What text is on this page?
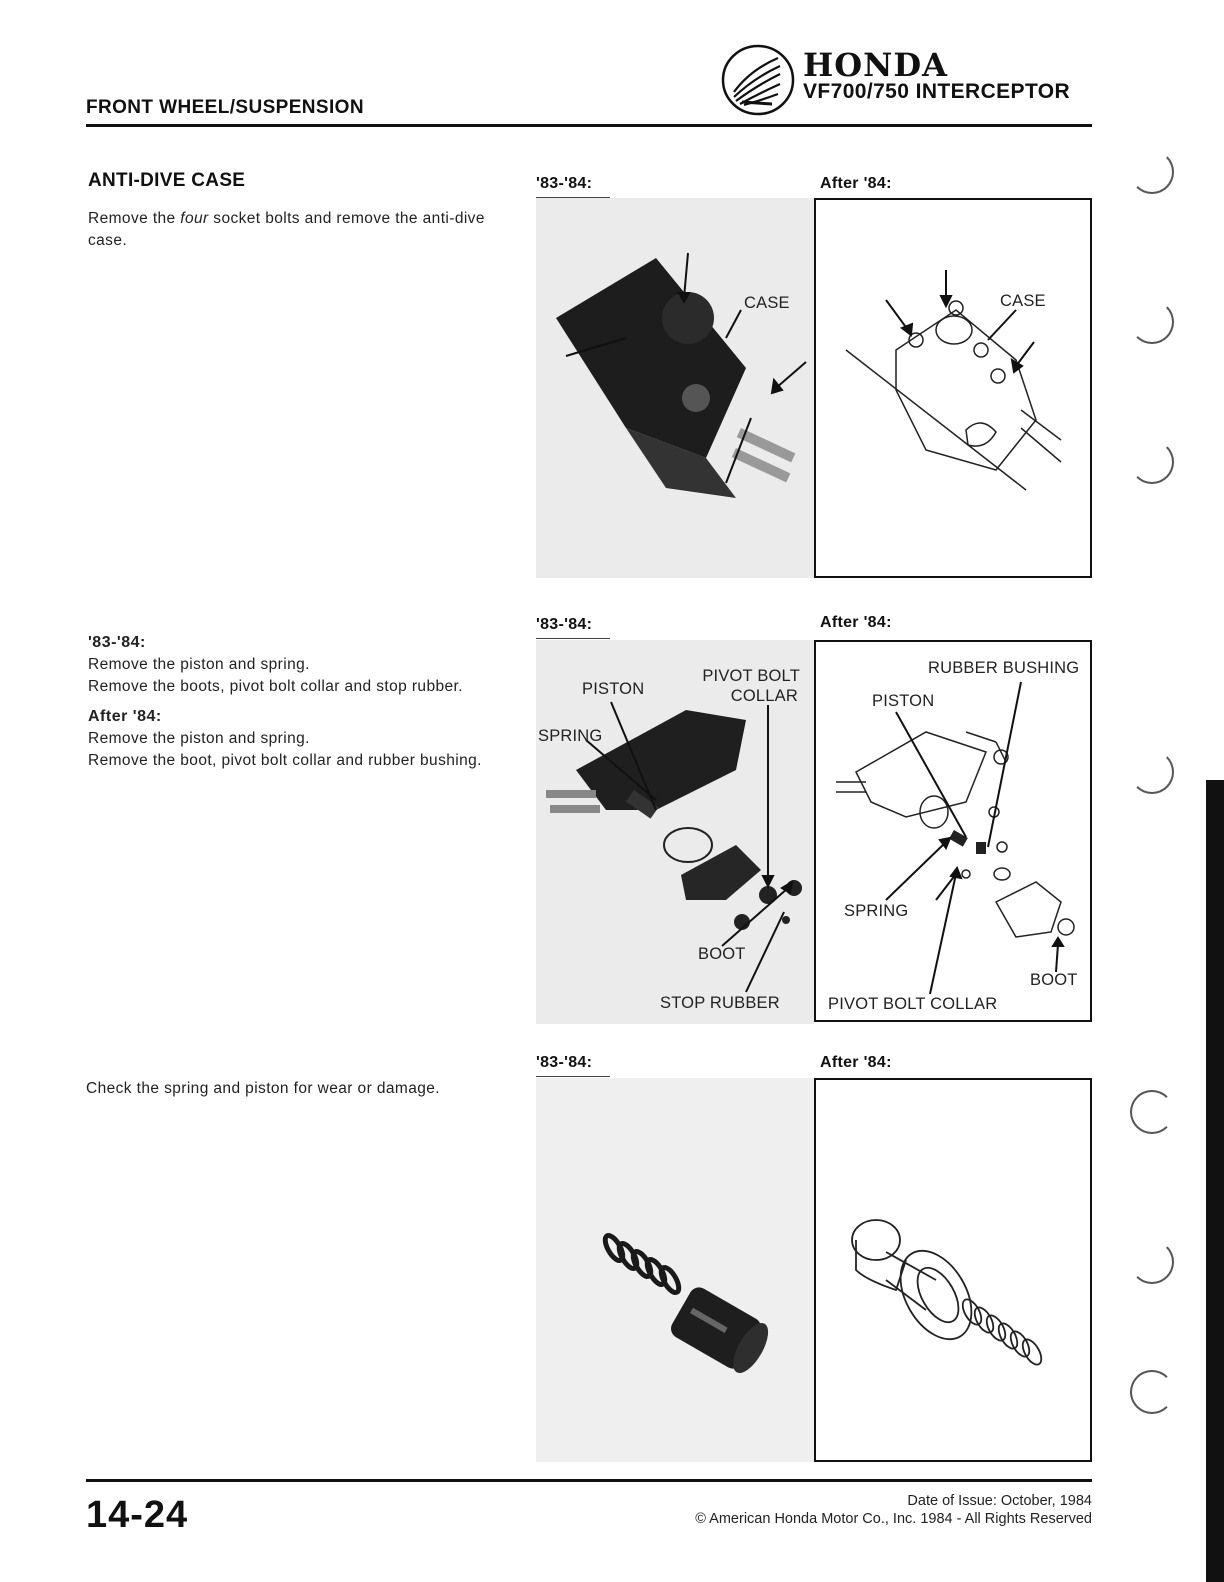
FRONT WHEEL/SUSPENSION
HONDA
VF700/750 INTERCEPTOR
ANTI-DIVE CASE
Remove the four socket bolts and remove the anti-dive case.
'83-'84:	After '84:
CASE	CASE
'83-'84:
Remove the piston and spring.
Remove the boots, pivot bolt collar and stop rubber.
After '84:
Remove the piston and spring.
Remove the boot, pivot bolt collar and rubber bushing.
'83-'84:	After '84:
PISTON
PIVOT BOLT
COLLAR
SPRING
BOOT
STOP RUBBER
RUBBER BUSHING
PISTON
SPRING
BOOT
PIVOT BOLT COLLAR
Check the spring and piston for wear or damage.
'83-'84:	After '84:
14-24	Date of Issue: October, 1984
© American Honda Motor Co., Inc. 1984 - All Rights Reserved
